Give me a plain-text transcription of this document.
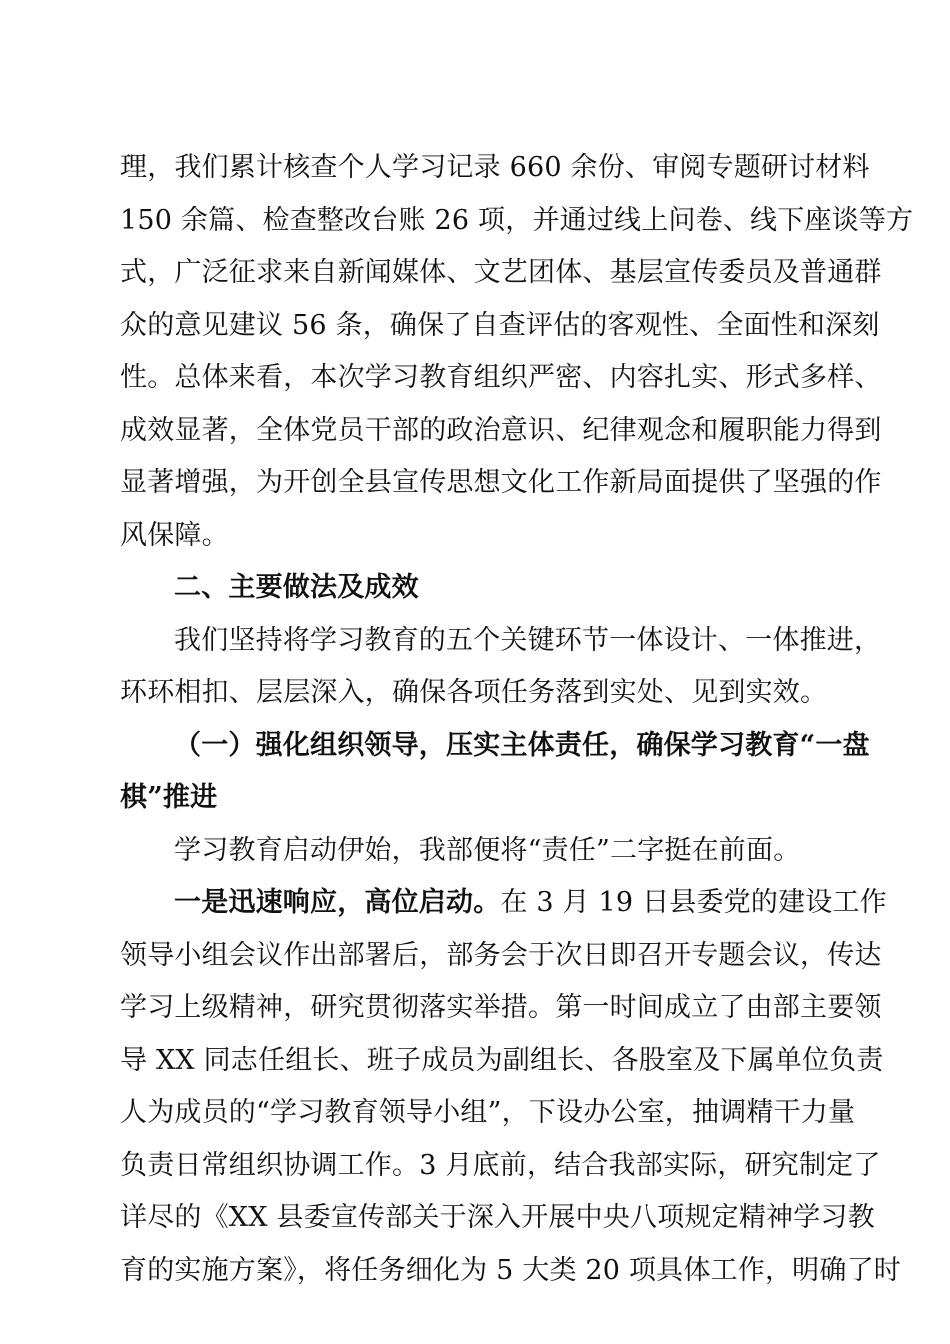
理，我们累计核查个人学习记录 660 余份、审阅专题研讨材料
150 余篇、检查整改台账 26 项，并通过线上问卷、线下座谈等方
式，广泛征求来自新闻媒体、文艺团体、基层宣传委员及普通群
众的意见建议 56 条，确保了自查评估的客观性、全面性和深刻
性。总体来看，本次学习教育组织严密、内容扎实、形式多样、
成效显著，全体党员干部的政治意识、纪律观念和履职能力得到
显著增强，为开创全县宣传思想文化工作新局面提供了坚强的作
风保障。
二、主要做法及成效
我们坚持将学习教育的五个关键环节一体设计、一体推进，
环环相扣、层层深入，确保各项任务落到实处、见到实效。
（一）强化组织领导，压实主体责任，确保学习教育“一盘
棋”推进
学习教育启动伊始，我部便将“责任”二字挺在前面。
一是迅速响应，高位启动。在 3 月 19 日县委党的建设工作
领导小组会议作出部署后，部务会于次日即召开专题会议，传达
学习上级精神，研究贯彻落实举措。第一时间成立了由部主要领
导 XX 同志任组长、班子成员为副组长、各股室及下属单位负责
人为成员的“学习教育领导小组”，下设办公室，抽调精干力量
负责日常组织协调工作。3 月底前，结合我部实际，研究制定了
详尽的《XX 县委宣传部关于深入开展中央八项规定精神学习教
育的实施方案》，将任务细化为 5 大类 20 项具体工作，明确了时
